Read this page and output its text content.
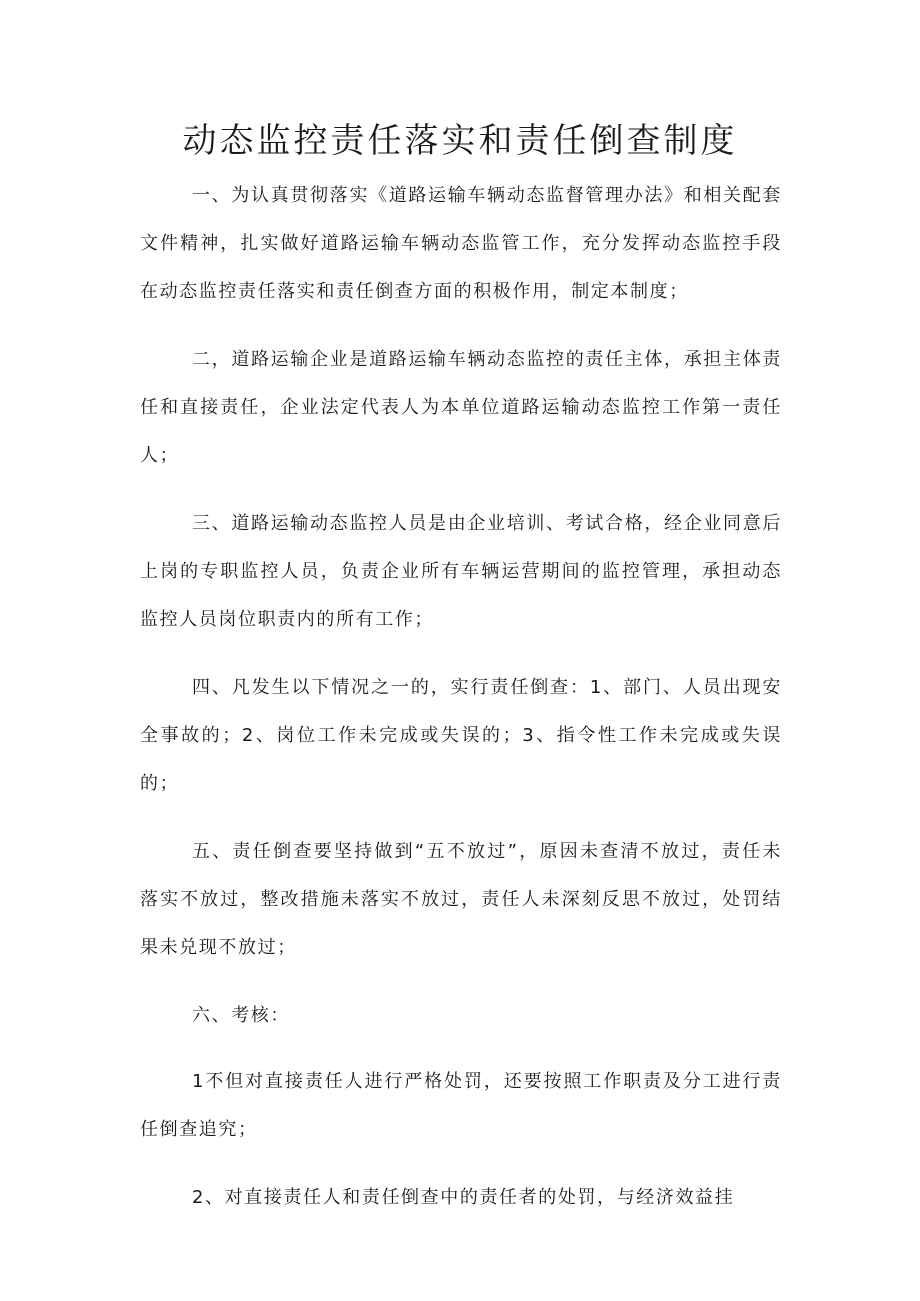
动态监控责任落实和责任倒查制度

一、为认真贯彻落实《道路运输车辆动态监督管理办法》和相关配套文件精神，扎实做好道路运输车辆动态监管工作，充分发挥动态监控手段在动态监控责任落实和责任倒查方面的积极作用，制定本制度；

二，道路运输企业是道路运输车辆动态监控的责任主体，承担主体责任和直接责任，企业法定代表人为本单位道路运输动态监控工作第一责任人；

三、道路运输动态监控人员是由企业培训、考试合格，经企业同意后上岗的专职监控人员，负责企业所有车辆运营期间的监控管理，承担动态监控人员岗位职责内的所有工作；

四、凡发生以下情况之一的，实行责任倒查：1、部门、人员出现安全事故的；2、岗位工作未完成或失误的；3、指令性工作未完成或失误的；

五、责任倒查要坚持做到“五不放过”，原因未查清不放过，责任未落实不放过，整改措施未落实不放过，责任人未深刻反思不放过，处罚结果未兑现不放过；

六、考核：

1不但对直接责任人进行严格处罚，还要按照工作职责及分工进行责任倒查追究；

2、对直接责任人和责任倒查中的责任者的处罚，与经济效益挂
